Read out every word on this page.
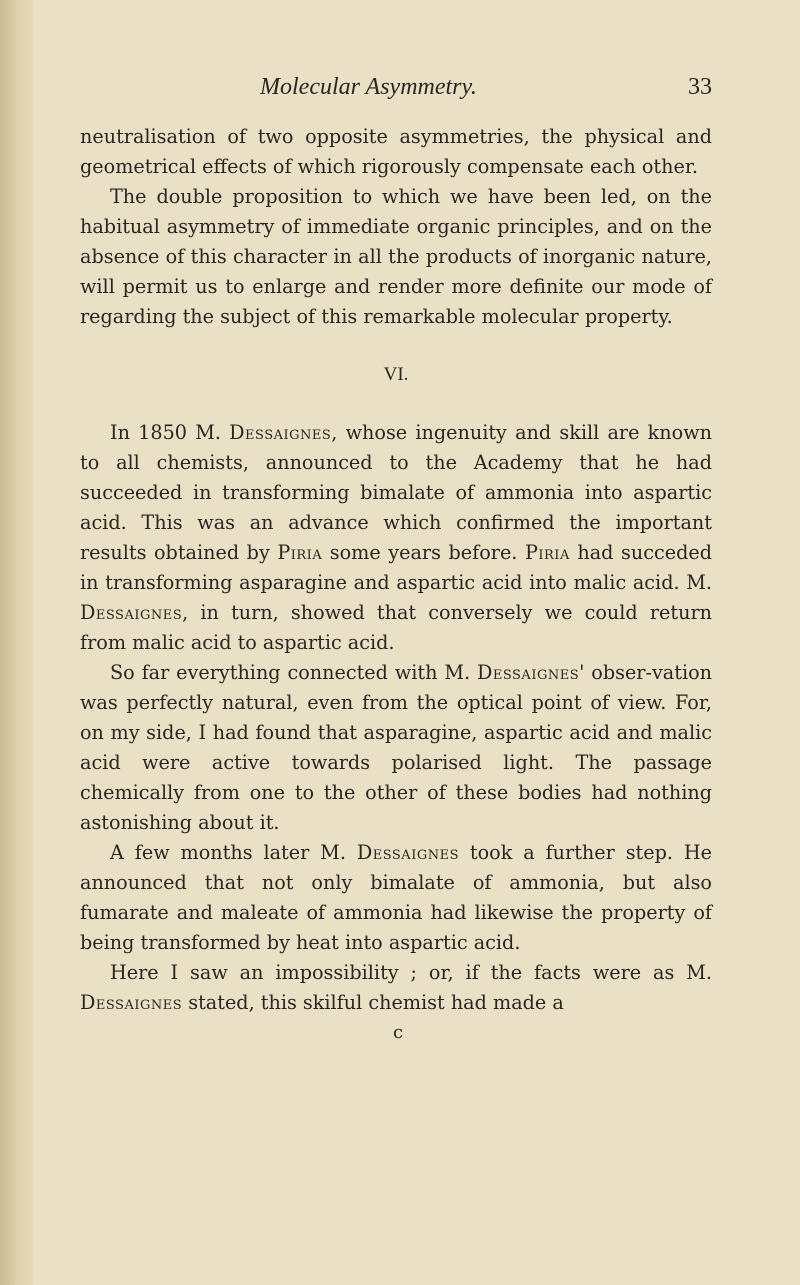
Molecular Asymmetry.	33

neutralisation of two opposite asymmetries, the physical and geometrical effects of which rigorously compensate each other.

The double proposition to which we have been led, on the habitual asymmetry of immediate organic principles, and on the absence of this character in all the products of inorganic nature, will permit us to enlarge and render more definite our mode of regarding the subject of this remarkable molecular property.

VI.

In 1850 M. Dessaignes, whose ingenuity and skill are known to all chemists, announced to the Academy that he had succeeded in transforming bimalate of ammonia into aspartic acid. This was an advance which confirmed the important results obtained by Piria some years before. Piria had succeded in transforming asparagine and aspartic acid into malic acid. M. Dessaignes, in turn, showed that conversely we could return from malic acid to aspartic acid.

So far everything connected with M. Dessaignes' obser-vation was perfectly natural, even from the optical point of view. For, on my side, I had found that asparagine, aspartic acid and malic acid were active towards polarised light. The passage chemically from one to the other of these bodies had nothing astonishing about it.

A few months later M. Dessaignes took a further step. He announced that not only bimalate of ammonia, but also fumarate and maleate of ammonia had likewise the property of being transformed by heat into aspartic acid.

Here I saw an impossibility ; or, if the facts were as M. Dessaignes stated, this skilful chemist had made a

c
